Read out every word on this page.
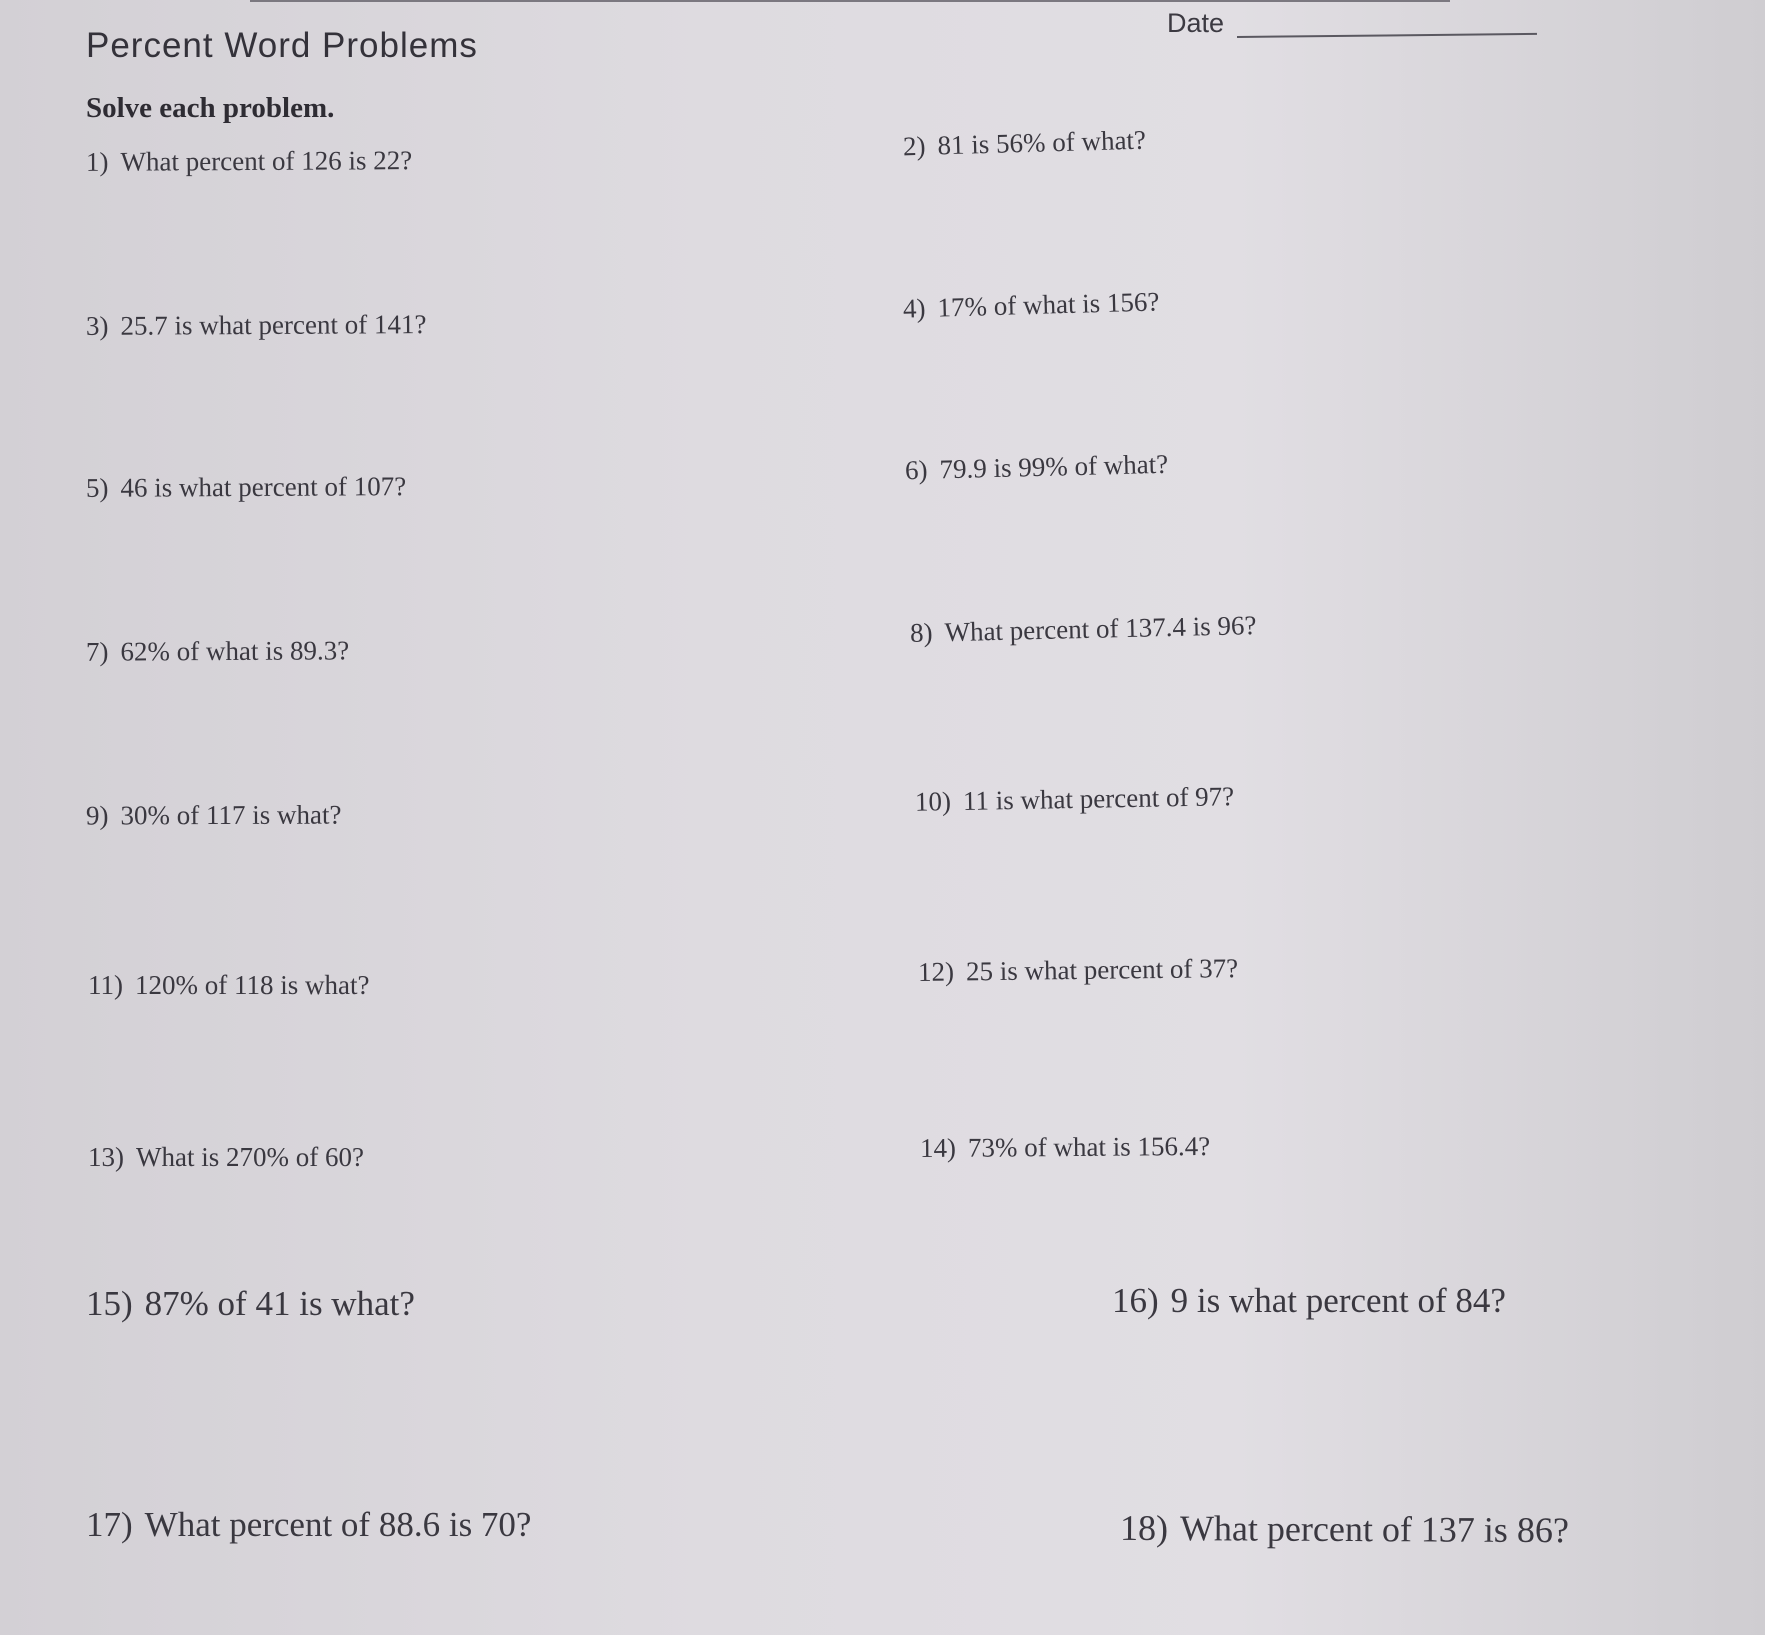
Percent Word Problems
Date
Solve each problem.
1) What percent of 126 is 22?
3) 25.7 is what percent of 141?
5) 46 is what percent of 107?
7) 62% of what is 89.3?
9) 30% of 117 is what?
11) 120% of 118 is what?
13) What is 270% of 60?
15) 87% of 41 is what?
17) What percent of 88.6 is 70?
2) 81 is 56% of what?
4) 17% of what is 156?
6) 79.9 is 99% of what?
8) What percent of 137.4 is 96?
10) 11 is what percent of 97?
12) 25 is what percent of 37?
14) 73% of what is 156.4?
16) 9 is what percent of 84?
18) What percent of 137 is 86?
